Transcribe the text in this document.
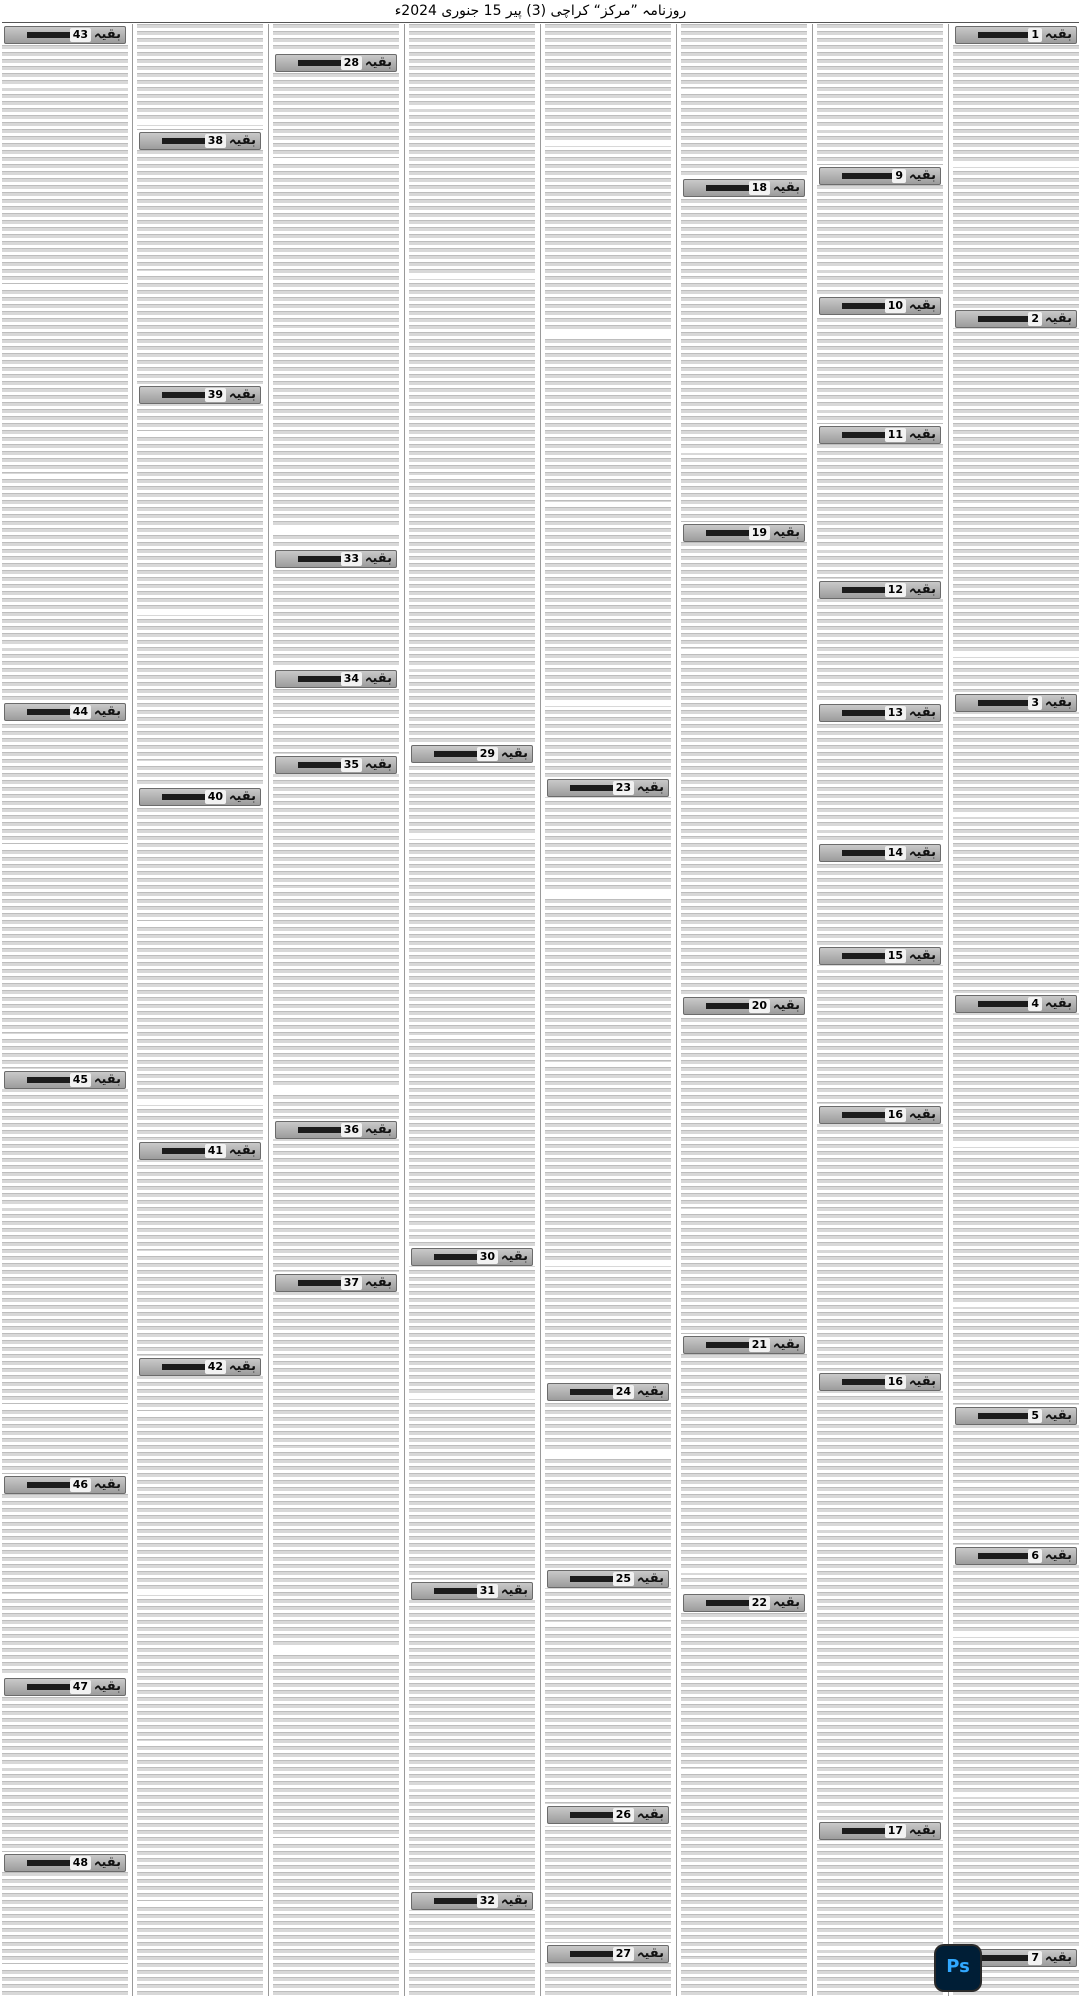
روزنامہ ”مرکز“ کراچی (3) پیر 15 جنوری 2024ء
بقیہ
43
بقیہ
44
بقیہ
45
بقیہ
46
بقیہ
47
بقیہ
48
بقیہ
38
بقیہ
39
بقیہ
40
بقیہ
41
بقیہ
42
بقیہ
28
بقیہ
33
بقیہ
34
بقیہ
35
بقیہ
36
بقیہ
37
بقیہ
29
بقیہ
30
بقیہ
31
بقیہ
32
بقیہ
23
بقیہ
24
بقیہ
25
بقیہ
26
بقیہ
27
بقیہ
18
بقیہ
19
بقیہ
20
بقیہ
21
بقیہ
22
بقیہ
9
بقیہ
10
بقیہ
11
بقیہ
12
بقیہ
13
بقیہ
14
بقیہ
15
بقیہ
16
بقیہ
16
بقیہ
17
بقیہ
1
بقیہ
2
بقیہ
3
بقیہ
4
بقیہ
5
بقیہ
6
بقیہ
7
Ps
